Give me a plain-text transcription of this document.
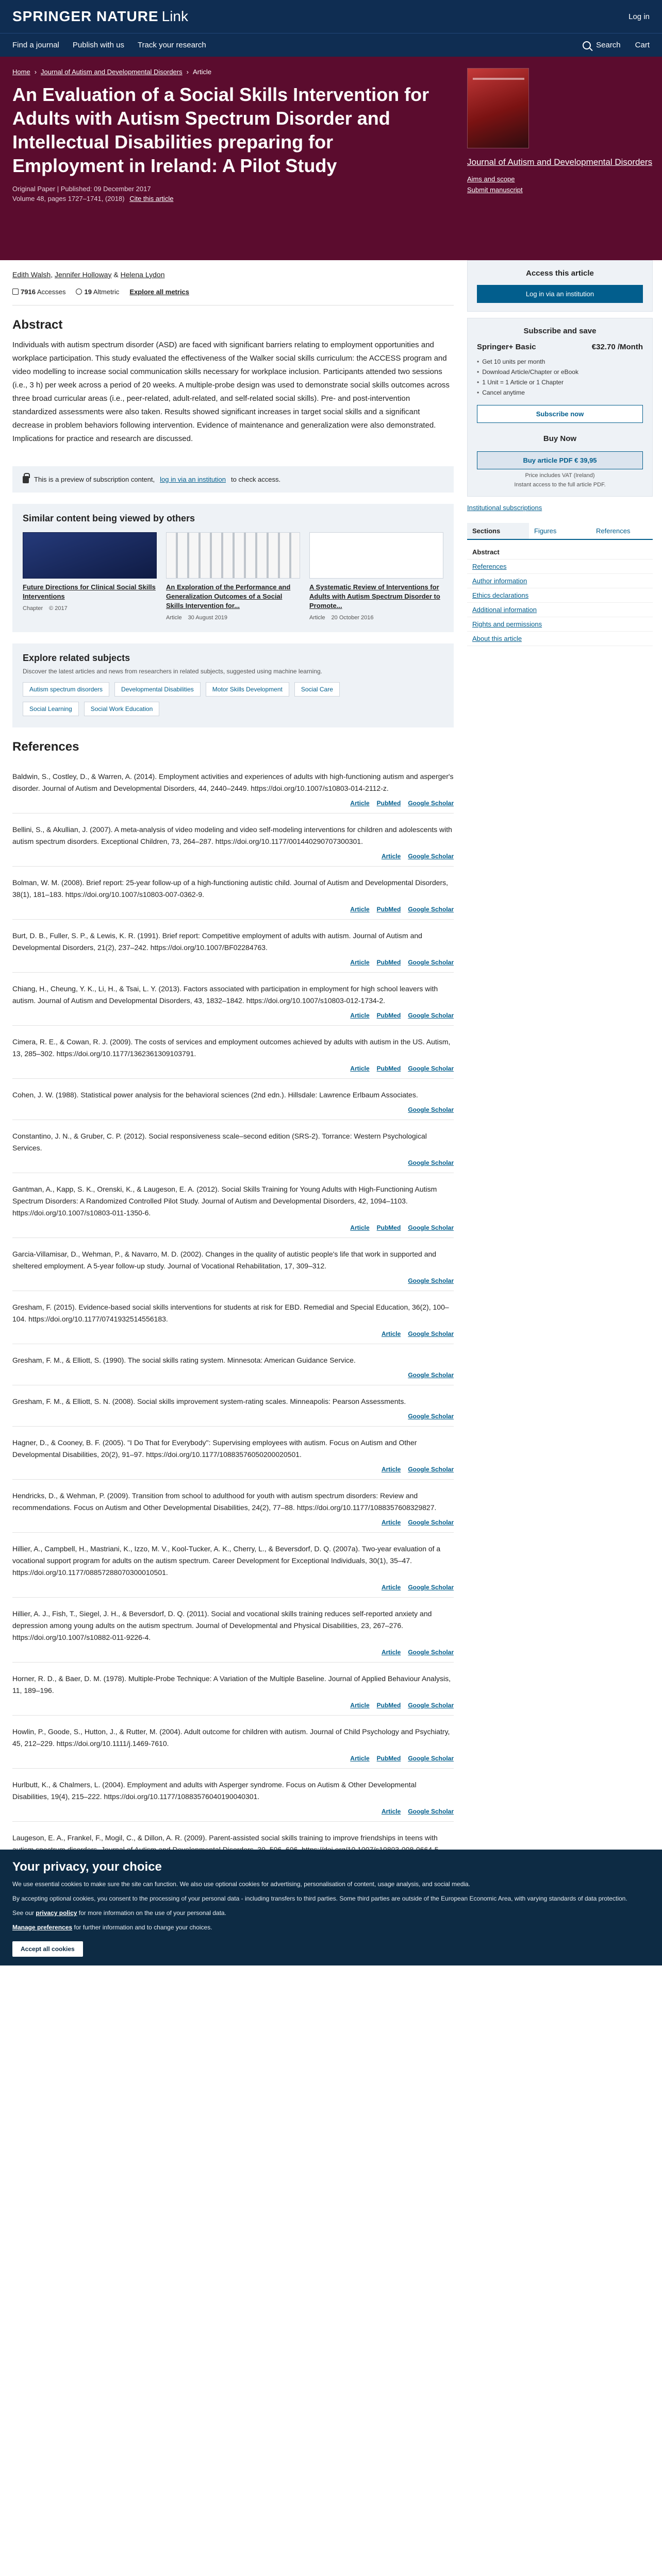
SPRINGER NATURE Link	Log in
Find a journal Publish with us Track your research	Search Cart
Home › Journal of Autism and Developmental Disorders › Article
An Evaluation of a Social Skills Intervention for Adults with Autism Spectrum Disorder and Intellectual Disabilities preparing for Employment in Ireland: A Pilot Study
Original Paper | Published: 09 December 2017
Volume 48, pages 1727–1741, (2018) Cite this article
Journal of Autism and Developmental Disorders
Aims and scope
Submit manuscript
Edith Walsh, Jennifer Holloway & Helena Lydon
7916 Accesses	19 Altmetric Explore all metrics
Abstract

Individuals with autism spectrum disorder (ASD) are faced with significant barriers relating to employment opportunities and workplace participation. This study evaluated the effectiveness of the Walker social skills curriculum: the ACCESS program and video modelling to increase social communication skills necessary for workplace inclusion. Participants attended two sessions (i.e., 3 h) per week across a period of 20 weeks. A multiple-probe design was used to demonstrate social skills outcomes across three broad curricular areas (i.e., peer-related, adult-related, and self-related social skills). Pre- and post-intervention standardized assessments were also taken. Results showed significant increases in target social skills and a significant decrease in problem behaviors following intervention. Evidence of maintenance and generalization were also demonstrated. Implications for practice and research are discussed.

This is a preview of subscription content, log in via an institution to check access.
Similar content being viewed by others
Future Directions for Clinical Social Skills Interventions
Chapter © 2017
An Exploration of the Performance and Generalization Outcomes of a Social Skills Intervention for...
Article 30 August 2019
A Systematic Review of Interventions for Adults with Autism Spectrum Disorder to Promote...
Article 20 October 2016
Explore related subjects
Discover the latest articles and news from researchers in related subjects, suggested using machine learning.
Autism spectrum disorders	Developmental Disabilities	Motor Skills Development	Social Care
Social Learning	Social Work Education
References
Baldwin, S., Costley, D., & Warren, A. (2014). Employment activities and experiences of adults with high-functioning autism and asperger's disorder. Journal of Autism and Developmental Disorders, 44, 2440–2449. https://doi.org/10.1007/s10803-014-2112-z.
Article PubMed Google Scholar
Bellini, S., & Akullian, J. (2007). A meta-analysis of video modeling and video self-modeling interventions for children and adolescents with autism spectrum disorders. Exceptional Children, 73, 264–287. https://doi.org/10.1177/001440290707300301.
Article Google Scholar
Bolman, W. M. (2008). Brief report: 25-year follow-up of a high-functioning autistic child. Journal of Autism and Developmental Disorders, 38(1), 181–183. https://doi.org/10.1007/s10803-007-0362-9.
Article PubMed Google Scholar
Burt, D. B., Fuller, S. P., & Lewis, K. R. (1991). Brief report: Competitive employment of adults with autism. Journal of Autism and Developmental Disorders, 21(2), 237–242. https://doi.org/10.1007/BF02284763.
Article PubMed Google Scholar
Chiang, H., Cheung, Y. K., Li, H., & Tsai, L. Y. (2013). Factors associated with participation in employment for high school leavers with autism. Journal of Autism and Developmental Disorders, 43, 1832–1842. https://doi.org/10.1007/s10803-012-1734-2.
Article PubMed Google Scholar
Cimera, R. E., & Cowan, R. J. (2009). The costs of services and employment outcomes achieved by adults with autism in the US. Autism, 13, 285–302. https://doi.org/10.1177/1362361309103791.
Article PubMed Google Scholar
Cohen, J. W. (1988). Statistical power analysis for the behavioral sciences (2nd edn.). Hillsdale: Lawrence Erlbaum Associates.
Google Scholar
Constantino, J. N., & Gruber, C. P. (2012). Social responsiveness scale–second edition (SRS-2). Torrance: Western Psychological Services.
Google Scholar
Gantman, A., Kapp, S. K., Orenski, K., & Laugeson, E. A. (2012). Social Skills Training for Young Adults with High-Functioning Autism Spectrum Disorders: A Randomized Controlled Pilot Study. Journal of Autism and Developmental Disorders, 42, 1094–1103. https://doi.org/10.1007/s10803-011-1350-6.
Article PubMed Google Scholar
Garcia-Villamisar, D., Wehman, P., & Navarro, M. D. (2002). Changes in the quality of autistic people's life that work in supported and sheltered employment. A 5-year follow-up study. Journal of Vocational Rehabilitation, 17, 309–312.
Google Scholar
Gresham, F. (2015). Evidence-based social skills interventions for students at risk for EBD. Remedial and Special Education, 36(2), 100–104. https://doi.org/10.1177/0741932514556183.
Article Google Scholar
Gresham, F. M., & Elliott, S. (1990). The social skills rating system. Minnesota: American Guidance Service.
Google Scholar
Gresham, F. M., & Elliott, S. N. (2008). Social skills improvement system-rating scales. Minneapolis: Pearson Assessments.
Google Scholar
Hagner, D., & Cooney, B. F. (2005). "I Do That for Everybody": Supervising employees with autism. Focus on Autism and Other Developmental Disabilities, 20(2), 91–97. https://doi.org/10.1177/10883576050200020501.
Article Google Scholar
Hendricks, D., & Wehman, P. (2009). Transition from school to adulthood for youth with autism spectrum disorders: Review and recommendations. Focus on Autism and Other Developmental Disabilities, 24(2), 77–88. https://doi.org/10.1177/1088357608329827.
Article Google Scholar
Hillier, A., Campbell, H., Mastriani, K., Izzo, M. V., Kool-Tucker, A. K., Cherry, L., & Beversdorf, D. Q. (2007a). Two-year evaluation of a vocational support program for adults on the autism spectrum. Career Development for Exceptional Individuals, 30(1), 35–47. https://doi.org/10.1177/08857288070300010501.
Article Google Scholar
Hillier, A. J., Fish, T., Siegel, J. H., & Beversdorf, D. Q. (2011). Social and vocational skills training reduces self-reported anxiety and depression among young adults on the autism spectrum. Journal of Developmental and Physical Disabilities, 23, 267–276. https://doi.org/10.1007/s10882-011-9226-4.
Article Google Scholar
Horner, R. D., & Baer, D. M. (1978). Multiple-Probe Technique: A Variation of the Multiple Baseline. Journal of Applied Behaviour Analysis, 11, 189–196.
Article PubMed Google Scholar
Howlin, P., Goode, S., Hutton, J., & Rutter, M. (2004). Adult outcome for children with autism. Journal of Child Psychology and Psychiatry, 45, 212–229. https://doi.org/10.1111/j.1469-7610.
Article PubMed Google Scholar
Hurlbutt, K., & Chalmers, L. (2004). Employment and adults with Asperger syndrome. Focus on Autism & Other Developmental Disabilities, 19(4), 215–222. https://doi.org/10.1177/10883576040190040301.
Article Google Scholar
Laugeson, E. A., Frankel, F., Mogil, C., & Dillon, A. R. (2009). Parent-assisted social skills training to improve friendships in teens with
Access this article
Log in via an institution
Subscribe and save
Springer+ Basic	€32.70 /Month
• Get 10 units per month
• Download Article/Chapter or eBook
• 1 Unit = 1 Article or 1 Chapter
• Cancel anytime
Subscribe now
Buy Now
Buy article PDF € 39,95
Price includes VAT (Ireland)
Instant access to the full article PDF.
Institutional subscriptions
Sections	Figures	References
Abstract
References
Author information
Ethics declarations
Additional information
Rights and permissions
About this article
Your privacy, your choice

We use essential cookies to make sure the site can function. We also use optional cookies for advertising, personalisation of content, usage analysis, and social media.

By accepting optional cookies, you consent to the processing of your personal data - including transfers to third parties. Some third parties are outside of the European Economic Area, with varying standards of data protection.

See our privacy policy for more information on the use of your personal data.

Manage preferences for further information and to change your choices.

Accept all cookies
